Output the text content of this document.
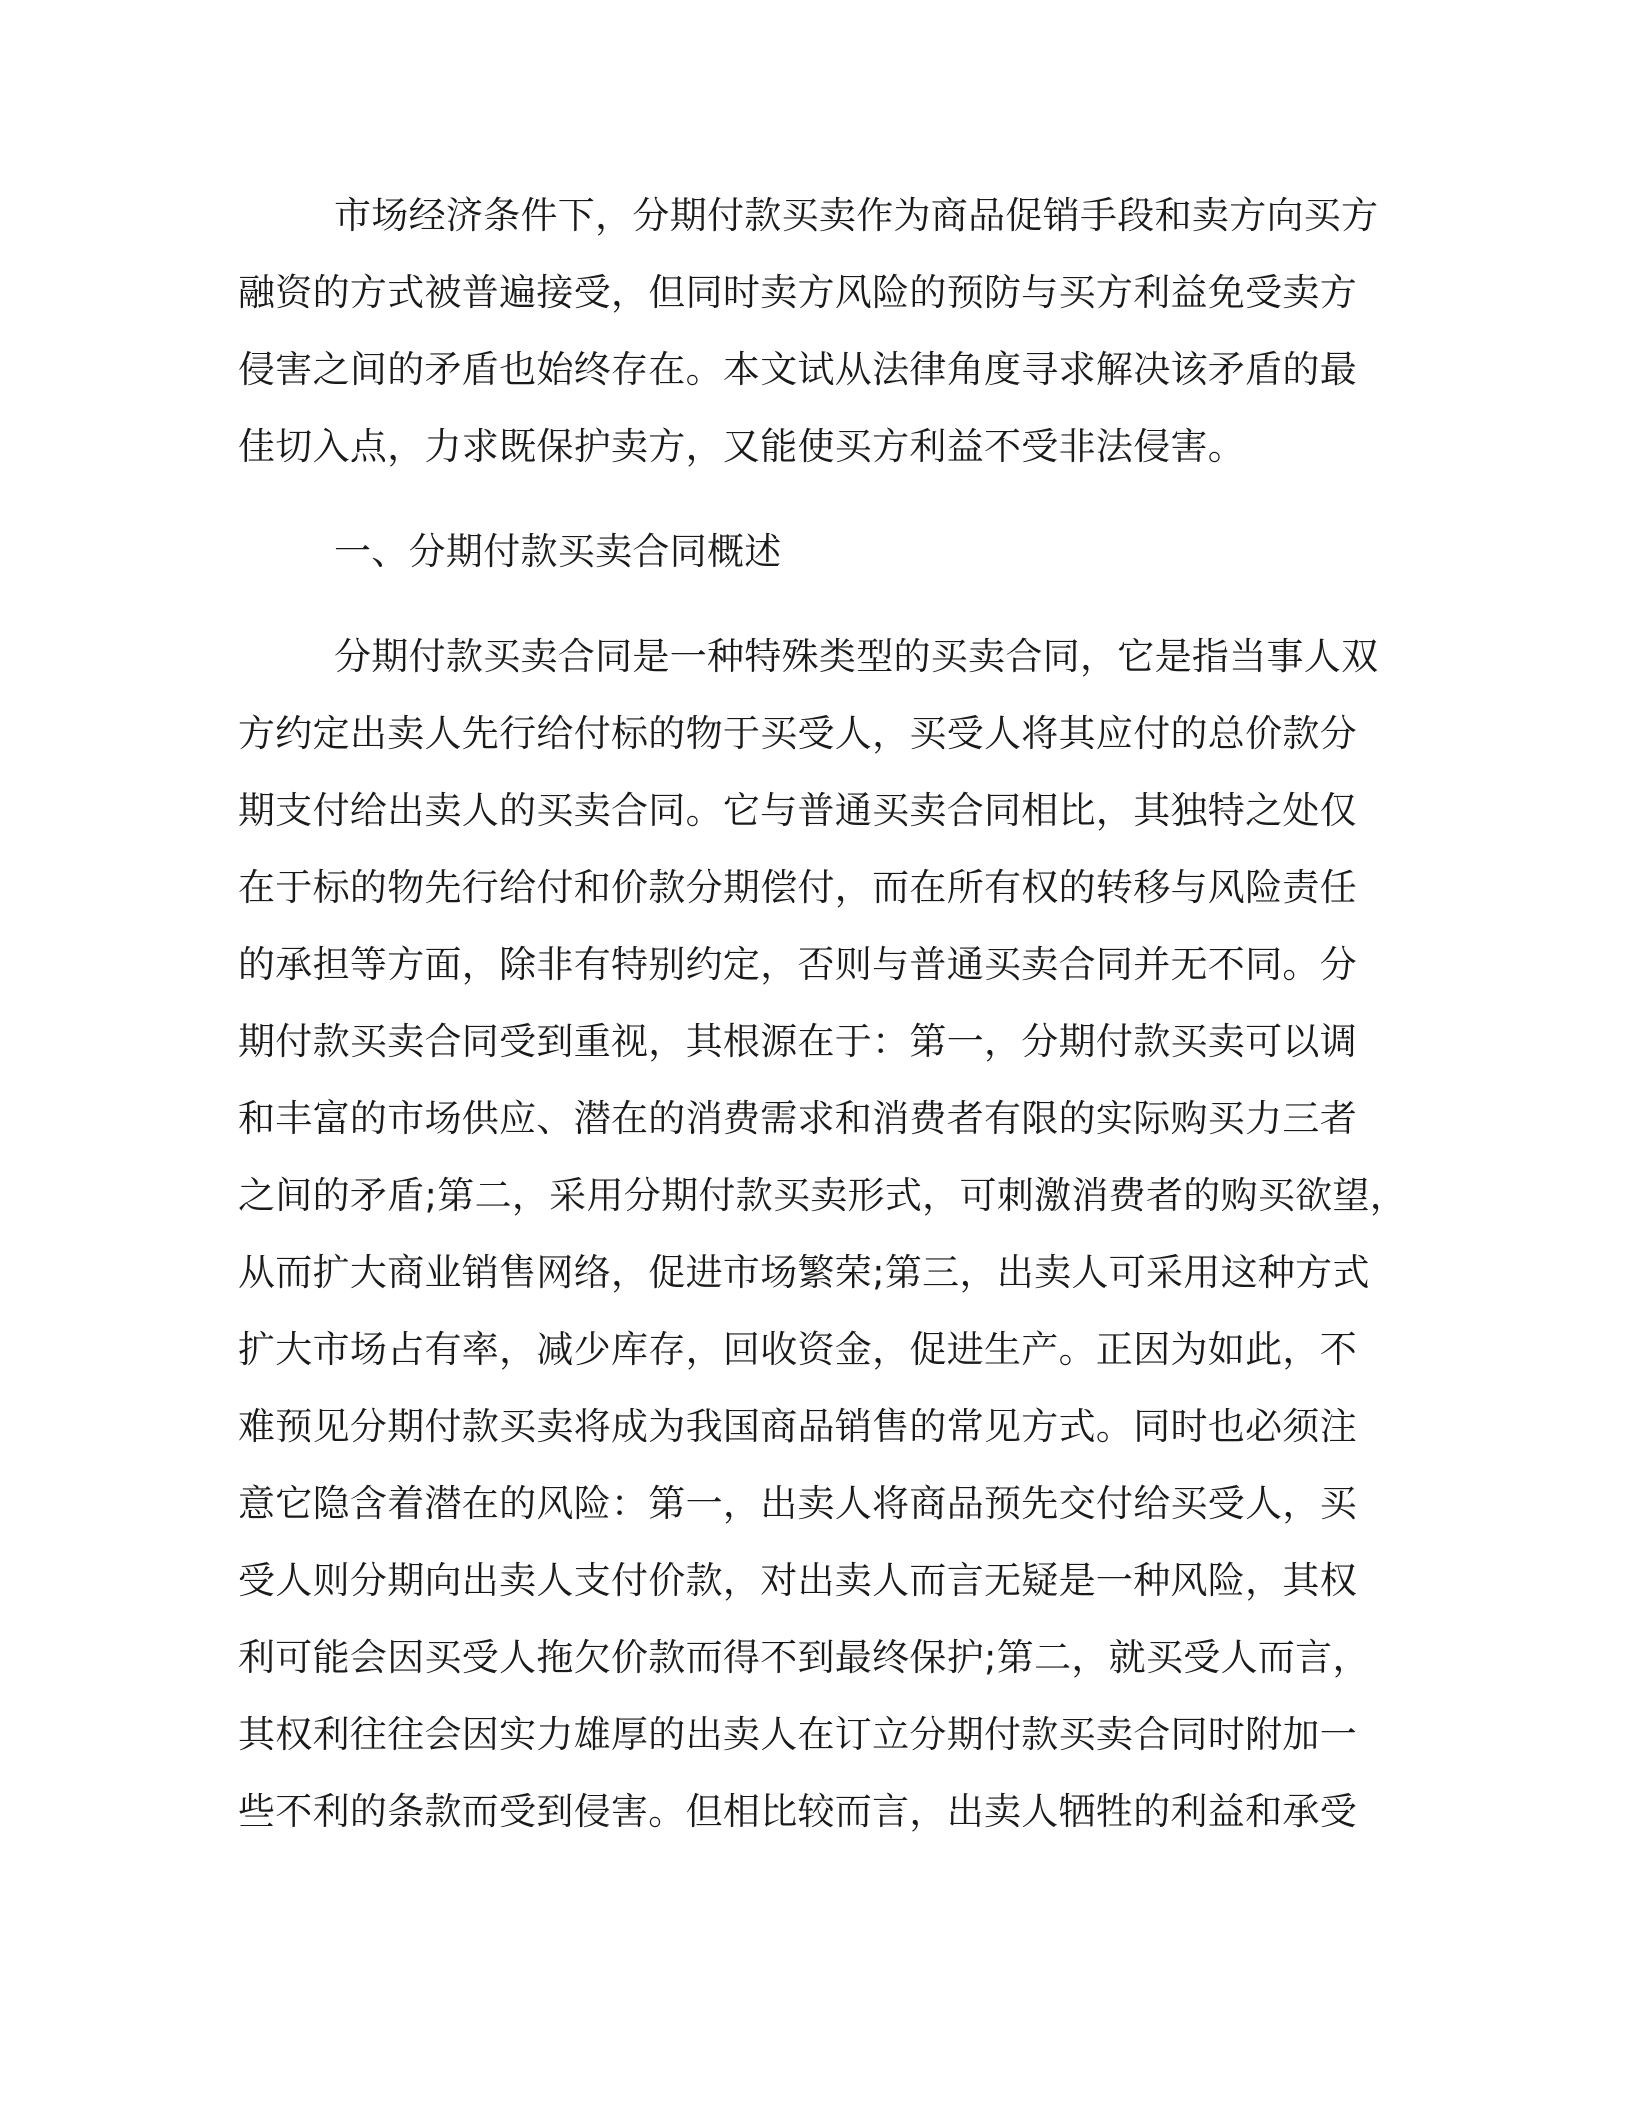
市场经济条件下，分期付款买卖作为商品促销手段和卖方向买方
融资的方式被普遍接受，但同时卖方风险的预防与买方利益免受卖方
侵害之间的矛盾也始终存在。本文试从法律角度寻求解决该矛盾的最
佳切入点，力求既保护卖方，又能使买方利益不受非法侵害。
一、分期付款买卖合同概述
分期付款买卖合同是一种特殊类型的买卖合同，它是指当事人双
方约定出卖人先行给付标的物于买受人，买受人将其应付的总价款分
期支付给出卖人的买卖合同。它与普通买卖合同相比，其独特之处仅
在于标的物先行给付和价款分期偿付，而在所有权的转移与风险责任
的承担等方面，除非有特别约定，否则与普通买卖合同并无不同。分
期付款买卖合同受到重视，其根源在于：第一，分期付款买卖可以调
和丰富的市场供应、潜在的消费需求和消费者有限的实际购买力三者
之间的矛盾;第二，采用分期付款买卖形式，可刺激消费者的购买欲望，
从而扩大商业销售网络，促进市场繁荣;第三，出卖人可采用这种方式
扩大市场占有率，减少库存，回收资金，促进生产。正因为如此，不
难预见分期付款买卖将成为我国商品销售的常见方式。同时也必须注
意它隐含着潜在的风险：第一，出卖人将商品预先交付给买受人，买
受人则分期向出卖人支付价款，对出卖人而言无疑是一种风险，其权
利可能会因买受人拖欠价款而得不到最终保护;第二，就买受人而言，
其权利往往会因实力雄厚的出卖人在订立分期付款买卖合同时附加一
些不利的条款而受到侵害。但相比较而言，出卖人牺牲的利益和承受
